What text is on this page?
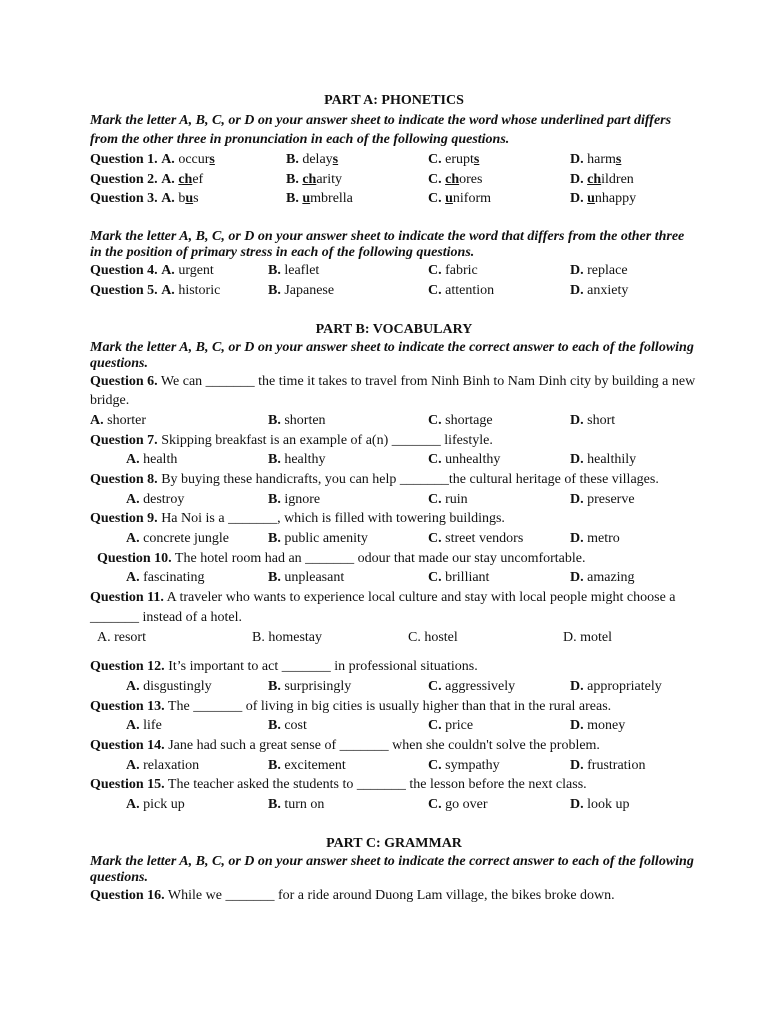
PART A: PHONETICS
Mark the letter A, B, C, or D on your answer sheet to indicate the word whose underlined part differs from the other three in pronunciation in each of the following questions.
Question 1. A. occurs	B. delays	C. erupts	D. harms
Question 2. A. chef	B. charity	C. chores	D. children
Question 3. A. bus	B. umbrella	C. uniform	D. unhappy
Mark the letter A, B, C, or D on your answer sheet to indicate the word that differs from the other three in the position of primary stress in each of the following questions.
Question 4. A. urgent	B. leaflet	C. fabric	D. replace
Question 5. A. historic	B. Japanese	C. attention	D. anxiety
PART B: VOCABULARY
Mark the letter A, B, C, or D on your answer sheet to indicate the correct answer to each of the following questions.
Question 6. We can _______ the time it takes to travel from Ninh Binh to Nam Dinh city by building a new
bridge.
A. shorter	B. shorten	C. shortage	D. short
Question 7. Skipping breakfast is an example of a(n) _______ lifestyle.
A. health	B. healthy	C. unhealthy	D. healthily
Question 8. By buying these handicrafts, you can help _______the cultural heritage of these villages.
A. destroy	B. ignore	C. ruin	D. preserve
Question 9. Ha Noi is a _______, which is filled with towering buildings.
A. concrete jungle	B. public amenity	C. street vendors	D. metro
Question 10. The hotel room had an _______ odour that made our stay uncomfortable.
A. fascinating	B. unpleasant	C. brilliant	D. amazing
Question 11. A traveler who wants to experience local culture and stay with local people might choose a
_______ instead of a hotel.
A. resort	B. homestay	C. hostel	D. motel
Question 12. It’s important to act _______ in professional situations.
A. disgustingly	B. surprisingly	C. aggressively	D. appropriately
Question 13. The _______ of living in big cities is usually higher than that in the rural areas.
A. life	B. cost	C. price	D. money
Question 14. Jane had such a great sense of _______ when she couldn't solve the problem.
A. relaxation	B. excitement	C. sympathy	D. frustration
Question 15. The teacher asked the students to _______ the lesson before the next class.
A. pick up	B. turn on	C. go over	D. look up
PART C: GRAMMAR
Mark the letter A, B, C, or D on your answer sheet to indicate the correct answer to each of the following questions.
Question 16. While we _______ for a ride around Duong Lam village, the bikes broke down.
